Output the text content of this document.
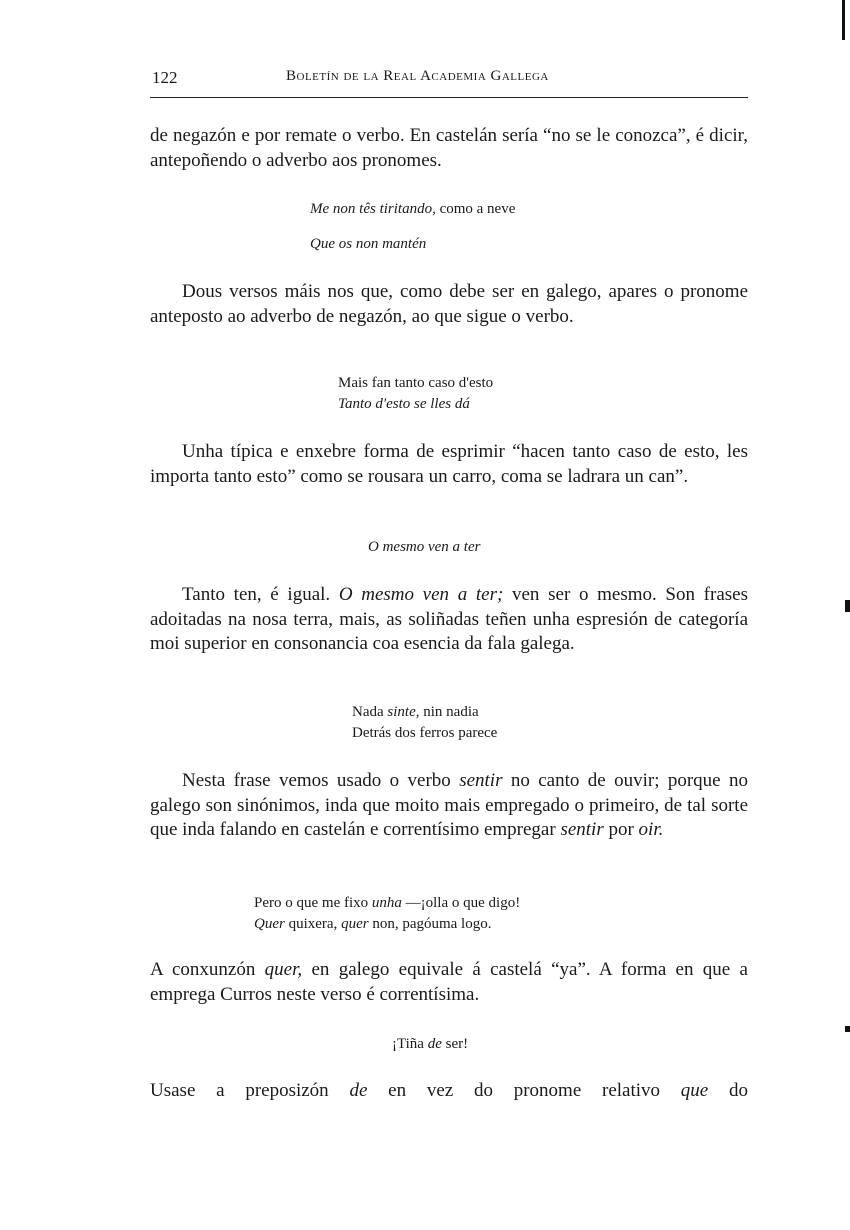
122	Boletín de la Real Academia Gallega

de negazón e por remate o verbo. En castelán sería “no se le conozca”, é dicir, antepoñendo o adverbo aos pronomes.

Me non tês tiritando, como a neve
Que os non mantén

Dous versos máis nos que, como debe ser en galego, apares o pronome anteposto ao adverbo de negazón, ao que sigue o verbo.

Mais fan tanto caso d'esto
Tanto d'esto se lles dá

Unha típica e enxebre forma de esprimir “hacen tanto caso de esto, les importa tanto esto” como se rousara un carro, coma se ladrara un can”.

O mesmo ven a ter

Tanto ten, é igual. O mesmo ven a ter; ven ser o mesmo. Son frases adoitadas na nosa terra, mais, as soliñadas teñen unha espresión de categoría moi superior en consonancia coa esencia da fala galega.

Nada sinte, nin nadia
Detrás dos ferros parece

Nesta frase vemos usado o verbo sentir no canto de ouvir; porque no galego son sinónimos, inda que moito mais empregado o primeiro, de tal sorte que inda falando en castelán e correntísimo empregar sentir por oir.

Pero o que me fixo unha —¡olla o que digo!
Quer quixera, quer non, pagóuma logo.

A conxunzón quer, en galego equivale á castelá “ya”. A forma en que a emprega Curros neste verso é correntísima.

¡Tiña de ser!

Usase a preposizón de en vez do pronome relativo que do
